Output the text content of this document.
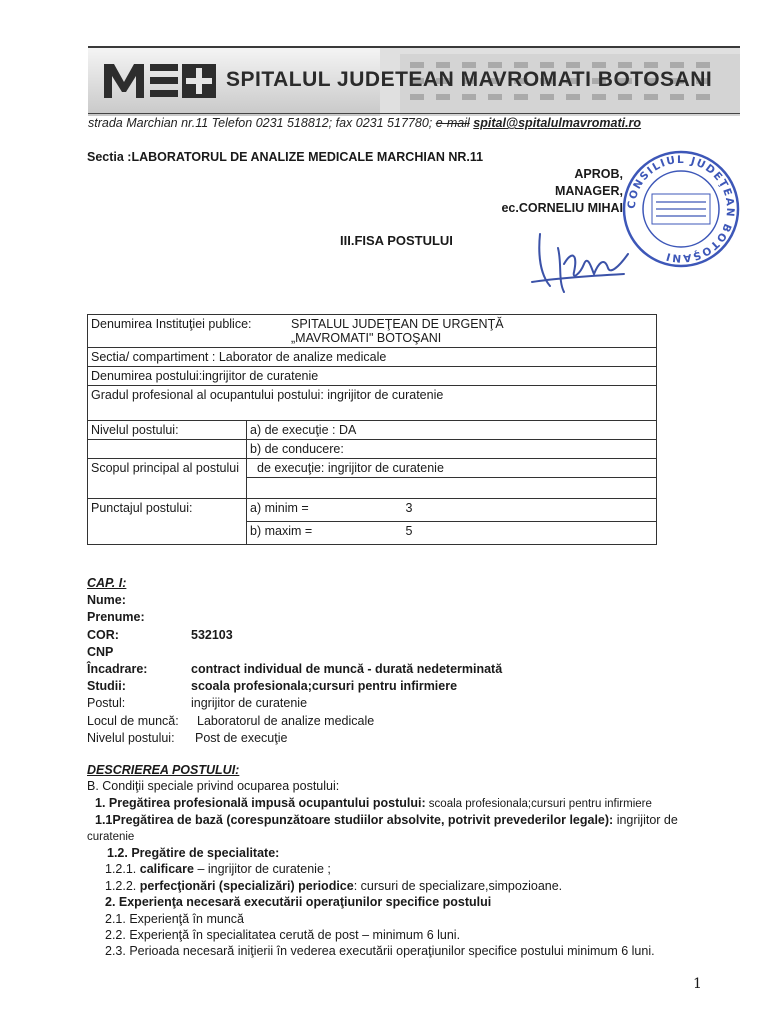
SPITALUL JUDETEAN MAVROMATI BOTOSANI
strada Marchian nr.11 Telefon 0231 518812; fax 0231 517780; e-mail spital@spitalulmavromati.ro
Sectia :LABORATORUL DE ANALIZE MEDICALE MARCHIAN NR.11
APROB,
MANAGER,
ec.CORNELIU MIHAI CONSILIUL JUDEŢEAN BOTOŞANI
III.FISA POSTULUI
Denumirea Instituţiei publice: SPITALUL JUDEŢEAN DE URGENŢĂ
„MAVROMATI" BOTOŞANI	

Sectia/ compartiment : Laborator de analize medicale	
Denumirea postului:ingrijitor de curatenie	
Gradul profesional al ocupantului postului: ingrijitor de curatenie	
Nivelul postului:	a) de execuţie : DA
	b) de conducere:
Scopul principal al postului	de execuţie: ingrijitor de curatenie

Punctajul postului:	a) minim = 3
	b) maxim = 5
CAP. I:
Nume:
Prenume:
COR:	532103
CNP
Încadrare:	contract individual de muncă - durată nedeterminată
Studii:	scoala profesionala;cursuri pentru infirmiere
Postul:	ingrijitor de curatenie
Locul de muncă:	Laboratorul de analize medicale
Nivelul postului:	Post de execuţie
DESCRIEREA POSTULUI:
B. Condiţii speciale privind ocuparea postului:
1. Pregătirea profesională impusă ocupantului postului: scoala profesionala;cursuri pentru infirmiere
1.1Pregătirea de bază (corespunzătoare studiilor absolvite, potrivit prevederilor legale): ingrijitor de
curatenie
1.2. Pregătire de specialitate:
1.2.1. calificare – ingrijitor de curatenie ;
1.2.2. perfecţionări (specializări) periodice: cursuri de specializare,simpozioane.
2. Experienţa necesară executării operaţiunilor specifice postului
2.1. Experienţă în muncă
2.2. Experienţă în specialitatea cerută de post – minimum 6 luni.
2.3. Perioada necesară iniţierii în vederea executării operaţiunilor specifice postului minimum 6 luni.
1
